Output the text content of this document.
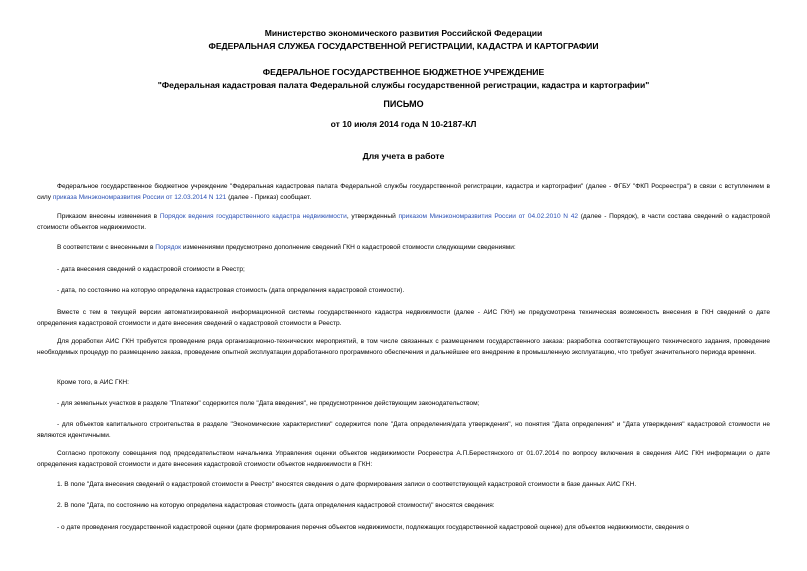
Министерство экономического развития Российской Федерации
ФЕДЕРАЛЬНАЯ СЛУЖБА ГОСУДАРСТВЕННОЙ РЕГИСТРАЦИИ, КАДАСТРА И КАРТОГРАФИИ
ФЕДЕРАЛЬНОЕ ГОСУДАРСТВЕННОЕ БЮДЖЕТНОЕ УЧРЕЖДЕНИЕ
"Федеральная кадастровая палата Федеральной службы государственной регистрации, кадастра и картографии"
ПИСЬМО
от 10 июля 2014 года N 10-2187-КЛ
Для учета в работе

Федеральное государственное бюджетное учреждение "Федеральная кадастровая палата Федеральной службы государственной регистрации, кадастра и картографии" (далее - ФГБУ "ФКП Росреестра") в связи с вступлением в силу приказа Минэкономразвития России от 12.03.2014 N 121 (далее - Приказ) сообщает.

Приказом внесены изменения в Порядок ведения государственного кадастра недвижимости, утвержденный приказом Минэкономразвития России от 04.02.2010 N 42 (далее - Порядок), в части состава сведений о кадастровой стоимости объектов недвижимости.

В соответствии с внесенными в Порядок изменениями предусмотрено дополнение сведений ГКН о кадастровой стоимости следующими сведениями:

- дата внесения сведений о кадастровой стоимости в Реестр;

- дата, по состоянию на которую определена кадастровая стоимость (дата определения кадастровой стоимости).

Вместе с тем в текущей версии автоматизированной информационной системы государственного кадастра недвижимости (далее - АИС ГКН) не предусмотрена техническая возможность внесения в ГКН сведений о дате определения кадастровой стоимости и дате внесения сведений о кадастровой стоимости в Реестр.

Для доработки АИС ГКН требуется проведение ряда организационно-технических мероприятий, в том числе связанных с размещением государственного заказа: разработка соответствующего технического задания, проведение необходимых процедур по размещению заказа, проведение опытной эксплуатации доработанного программного обеспечения и дальнейшее его внедрение в промышленную эксплуатацию, что требует значительного периода времени.

Кроме того, в АИС ГКН:

- для земельных участков в разделе "Платежи" содержится поле "Дата введения", не предусмотренное действующим законодательством;

- для объектов капитального строительства в разделе "Экономические характеристики" содержится поле "Дата определения/дата утверждения", но понятия "Дата определения" и "Дата утверждения" кадастровой стоимости не являются идентичными.

Согласно протоколу совещания под председательством начальника Управления оценки объектов недвижимости Росреестра А.П.Берестянского от 01.07.2014 по вопросу включения в сведения АИС ГКН информации о дате определения кадастровой стоимости и дате внесения кадастровой стоимости объектов недвижимости в ГКН:

1. В поле "Дата внесения сведений о кадастровой стоимости в Реестр" вносятся сведения о дате формирования записи о соответствующей кадастровой стоимости в базе данных АИС ГКН.

2. В поле "Дата, по состоянию на которую определена кадастровая стоимость (дата определения кадастровой стоимости)" вносятся сведения:

- о дате проведения государственной кадастровой оценки (дате формирования перечня объектов недвижимости, подлежащих государственной кадастровой оценке) для объектов недвижимости, сведения о
